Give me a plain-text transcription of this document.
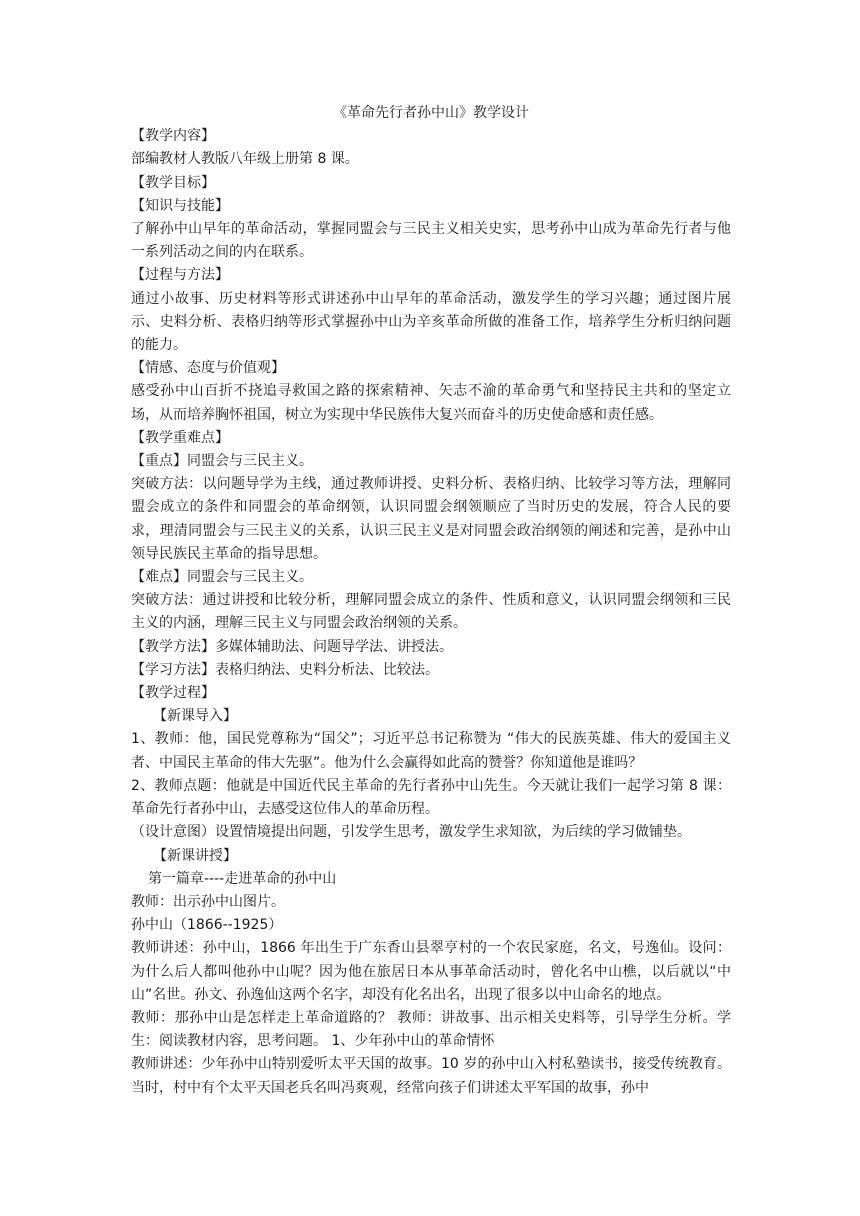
《革命先行者孙中山》教学设计

【教学内容】

部编教材人教版八年级上册第 8 课。

【教学目标】

【知识与技能】

了解孙中山早年的革命活动，掌握同盟会与三民主义相关史实，思考孙中山成为革命先行者与他一系列活动之间的内在联系。

【过程与方法】

通过小故事、历史材料等形式讲述孙中山早年的革命活动，激发学生的学习兴趣；通过图片展示、史料分析、表格归纳等形式掌握孙中山为辛亥革命所做的准备工作，培养学生分析归纳问题的能力。

【情感、态度与价值观】

感受孙中山百折不挠追寻救国之路的探索精神、矢志不渝的革命勇气和坚持民主共和的坚定立场，从而培养胸怀祖国，树立为实现中华民族伟大复兴而奋斗的历史使命感和责任感。

【教学重难点】

【重点】同盟会与三民主义。

突破方法：以问题导学为主线，通过教师讲授、史料分析、表格归纳、比较学习等方法，理解同盟会成立的条件和同盟会的革命纲领，认识同盟会纲领顺应了当时历史的发展，符合人民的要求，理清同盟会与三民主义的关系，认识三民主义是对同盟会政治纲领的阐述和完善，是孙中山领导民族民主革命的指导思想。

【难点】同盟会与三民主义。

突破方法：通过讲授和比较分析，理解同盟会成立的条件、性质和意义，认识同盟会纲领和三民主义的内涵，理解三民主义与同盟会政治纲领的关系。

【教学方法】多媒体辅助法、问题导学法、讲授法。

【学习方法】表格归纳法、史料分析法、比较法。

【教学过程】

【新课导入】

1、教师：他，国民党尊称为“国父”；习近平总书记称赞为 “伟大的民族英雄、伟大的爱国主义者、中国民主革命的伟大先驱”。他为什么会赢得如此高的赞誉？你知道他是谁吗？

2、教师点题：他就是中国近代民主革命的先行者孙中山先生。今天就让我们一起学习第 8 课：革命先行者孙中山，去感受这位伟人的革命历程。

（设计意图）设置情境提出问题，引发学生思考，激发学生求知欲，为后续的学习做铺垫。

【新课讲授】

第一篇章----走进革命的孙中山

教师：出示孙中山图片。

孙中山（1866--1925）

教师讲述：孙中山，1866 年出生于广东香山县翠亨村的一个农民家庭，名文，号逸仙。设问：为什么后人都叫他孙中山呢？因为他在旅居日本从事革命活动时，曾化名中山樵，以后就以“中山”名世。孙文、孙逸仙这两个名字，却没有化名出名，出现了很多以中山命名的地点。

教师：那孙中山是怎样走上革命道路的？ 教师：讲故事、出示相关史料等，引导学生分析。学生：阅读教材内容，思考问题。 1、少年孙中山的革命情怀

教师讲述：少年孙中山特别爱听太平天国的故事。10 岁的孙中山入村私塾读书，接受传统教育。当时，村中有个太平天国老兵名叫冯爽观，经常向孩子们讲述太平军国的故事，孙中
